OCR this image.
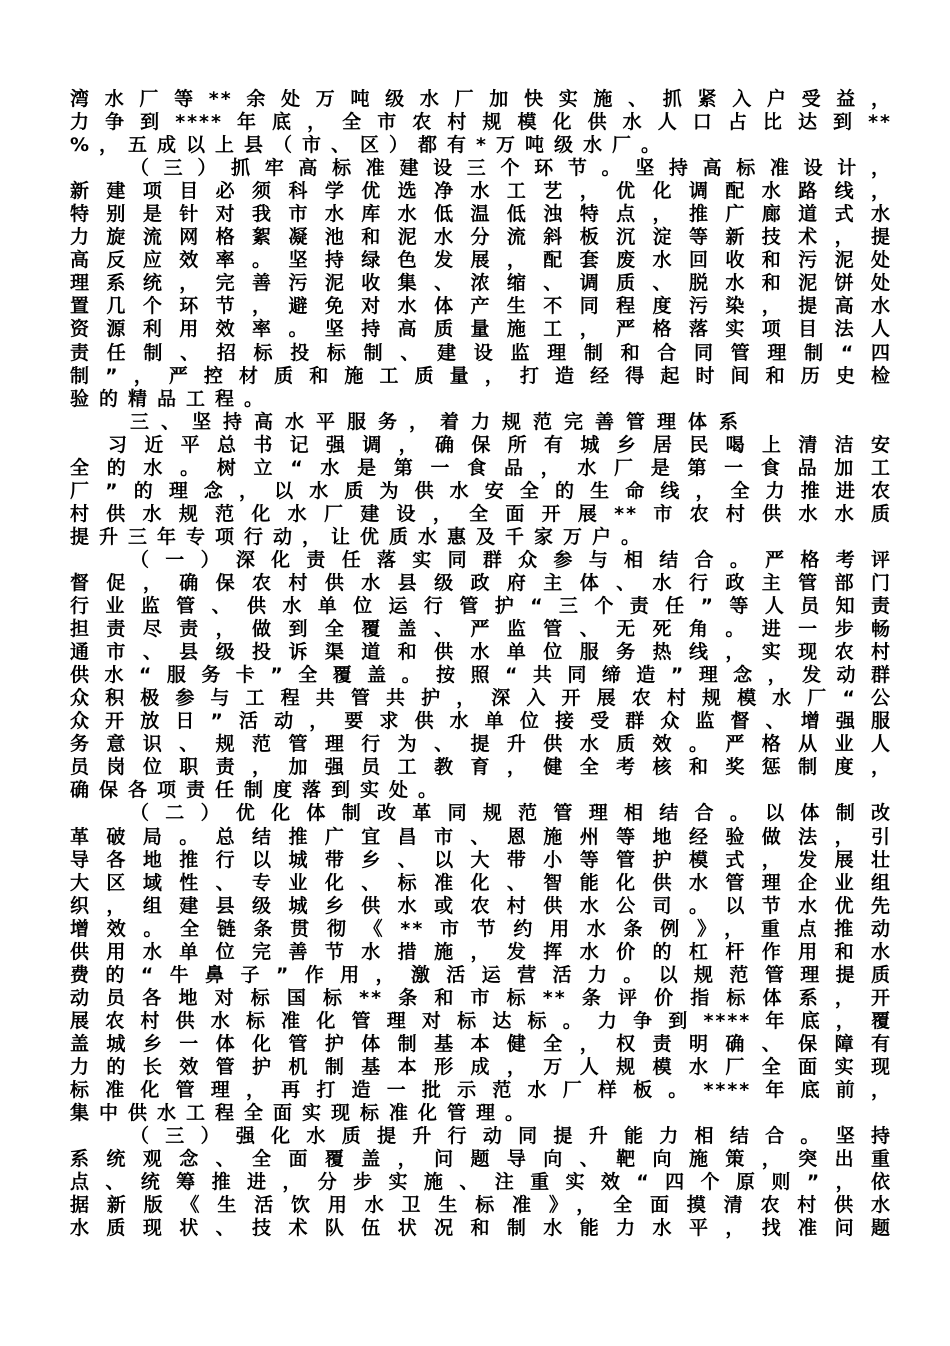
湾水厂等**余处万吨级水厂加快实施、抓紧入户受益，
力争到****年底，全市农村规模化供水人口占比达到**
%，五成以上县（市、区）都有*万吨级水厂。
（三）抓牢高标准建设三个环节。坚持高标准设计，
新建项目必须科学优选净水工艺，优化调配水路线，
特别是针对我市水库水低温低浊特点，推广廊道式水
力旋流网格絮凝池和泥水分流斜板沉淀等新技术，提
高反应效率。坚持绿色发展，配套废水回收和污泥处
理系统，完善污泥收集、浓缩、调质、脱水和泥饼处
置几个环节，避免对水体产生不同程度污染，提高水
资源利用效率。坚持高质量施工，严格落实项目法人
责任制、招标投标制、建设监理制和合同管理制“四
制”，严控材质和施工质量，打造经得起时间和历史检
验的精品工程。
三、坚持高水平服务，着力规范完善管理体系
习近平总书记强调，确保所有城乡居民喝上清洁安
全的水。树立“水是第一食品，水厂是第一食品加工
厂”的理念，以水质为供水安全的生命线，全力推进农
村供水规范化水厂建设，全面开展**市农村供水水质
提升三年专项行动，让优质水惠及千家万户。
（一）深化责任落实同群众参与相结合。严格考评
督促，确保农村供水县级政府主体、水行政主管部门
行业监管、供水单位运行管护“三个责任”等人员知责
担责尽责，做到全覆盖、严监管、无死角。进一步畅
通市、县级投诉渠道和供水单位服务热线，实现农村
供水“服务卡”全覆盖。按照“共同缔造”理念，发动群
众积极参与工程共管共护，深入开展农村规模水厂“公
众开放日”活动，要求供水单位接受群众监督、增强服
务意识、规范管理行为、提升供水质效。严格从业人
员岗位职责，加强员工教育，健全考核和奖惩制度，
确保各项责任制度落到实处。
（二）优化体制改革同规范管理相结合。以体制改
革破局。总结推广宜昌市、恩施州等地经验做法，引
导各地推行以城带乡、以大带小等管护模式，发展壮
大区域性、专业化、标准化、智能化供水管理企业组
织，组建县级城乡供水或农村供水公司。以节水优先
增效。全链条贯彻《**市节约用水条例》，重点推动
供用水单位完善节水措施，发挥水价的杠杆作用和水
费的“牛鼻子”作用，激活运营活力。以规范管理提质
动员各地对标国标**条和市标**条评价指标体系，开
展农村供水标准化管理对标达标。力争到****年底，覆
盖城乡一体化管护体制基本健全，权责明确、保障有
力的长效管护机制基本形成，万人规模水厂全面实现
标准化管理，再打造一批示范水厂样板。****年底前，
集中供水工程全面实现标准化管理。
（三）强化水质提升行动同提升能力相结合。坚持
系统观念、全面覆盖，问题导向、靶向施策，突出重
点、统筹推进，分步实施、注重实效“四个原则”，依
据新版《生活饮用水卫生标准》，全面摸清农村供水
水质现状、技术队伍状况和制水能力水平，找准问题
